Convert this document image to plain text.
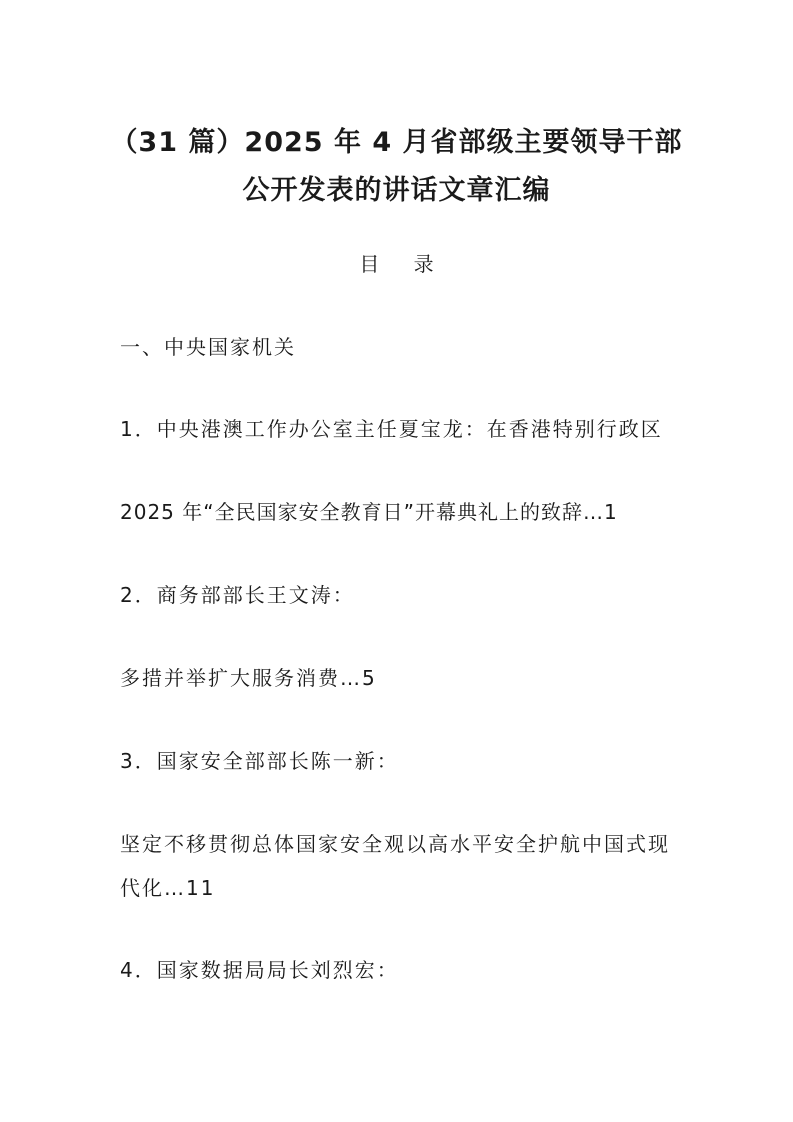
（31 篇）2025 年 4 月省部级主要领导干部
公开发表的讲话文章汇编
目 录
一、中央国家机关
1．中央港澳工作办公室主任夏宝龙：在香港特别行政区
2025 年“全民国家安全教育日”开幕典礼上的致辞…1
2．商务部部长王文涛：
多措并举扩大服务消费…5
3．国家安全部部长陈一新：
坚定不移贯彻总体国家安全观以高水平安全护航中国式现
代化…11
4．国家数据局局长刘烈宏：
